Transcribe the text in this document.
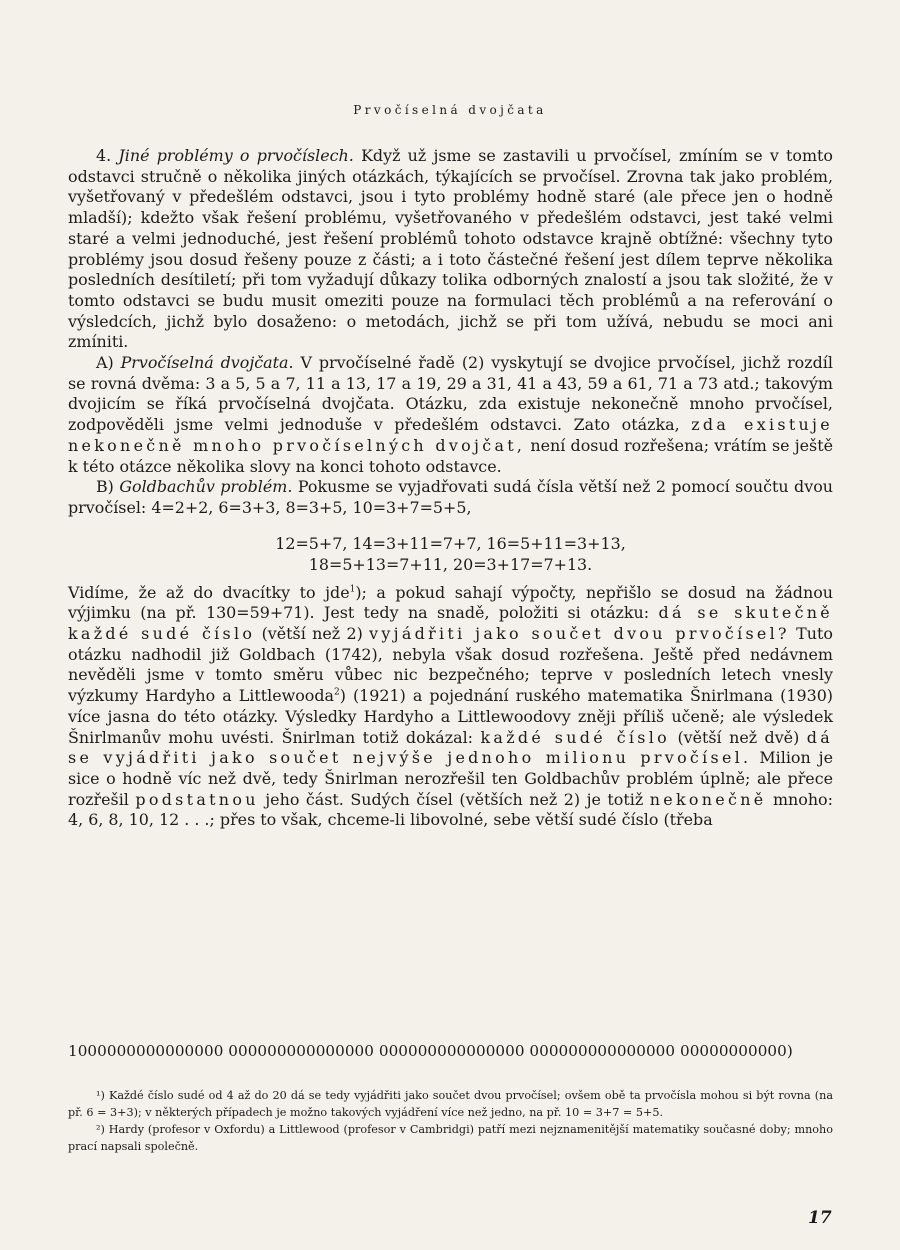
Prvočíselná dvojčata

4. Jiné problémy o prvočíslech. Když už jsme se zastavili u prvočísel, zmíním se v tomto odstavci stručně o několika jiných otázkách, týkajících se prvočísel. Zrovna tak jako problém, vyšetřovaný v předešlém odstavci, jsou i tyto problémy hodně staré (ale přece jen o hodně mladší); kdežto však řešení problému, vyšetřovaného v předešlém odstavci, jest také velmi staré a velmi jednoduché, jest řešení problémů tohoto odstavce krajně obtížné: všechny tyto problémy jsou dosud řešeny pouze z části; a i toto částečné řešení jest dílem teprve několika posledních desítiletí; při tom vyžadují důkazy tolika odborných znalostí a jsou tak složité, že v tomto odstavci se budu musit omeziti pouze na formulaci těch problémů a na referování o výsledcích, jichž bylo dosaženo: o metodách, jichž se při tom užívá, nebudu se moci ani zmíniti.

A) Prvočíselná dvojčata. V prvočíselné řadě (2) vyskytují se dvojice prvočísel, jichž rozdíl se rovná dvěma: 3 a 5, 5 a 7, 11 a 13, 17 a 19, 29 a 31, 41 a 43, 59 a 61, 71 a 73 atd.; takovým dvojicím se říká prvočíselná dvojčata. Otázku, zda existuje nekonečně mnoho prvočísel, zodpověděli jsme velmi jednoduše v předešlém odstavci. Zato otázka, zda existuje nekonečně mnoho prvočíselných dvojčat, není dosud rozřešena; vrátím se ještě k této otázce několika slovy na konci tohoto odstavce.

B) Goldbachův problém. Pokusme se vyjadřovati sudá čísla větší než 2 pomocí součtu dvou prvočísel: 4=2+2, 6=3+3, 8=3+5, 10=3+7=5+5,

12=5+7, 14=3+11=7+7, 16=5+11=3+13,
18=5+13=7+11, 20=3+17=7+13.

Vidíme, že až do dvacítky to jde$^1$); a pokud sahají výpočty, nepřišlo se dosud na žádnou výjimku (na př. 130=59+71). Jest tedy na snadě, položiti si otázku: dá se skutečně každé sudé číslo (větší než 2) vyjádřiti jako součet dvou prvočísel? Tuto otázku nadhodil již Goldbach (1742), nebyla však dosud rozřešena. Ještě před nedávnem nevěděli jsme v tomto směru vůbec nic bezpečného; teprve v posledních letech vnesly výzkumy Hardyho a Littlewooda$^2$) (1921) a pojednání ruského matematika Šnirlmana (1930) více jasna do této otázky. Výsledky Hardyho a Littlewoodovy zněji příliš učeně; ale výsledek Šnirlmanův mohu uvésti. Šnirlman totiž dokázal: každé sudé číslo (větší než dvě) dá se vyjádřiti jako součet nejvýše jednoho milionu prvočísel. Milion je sice o hodně víc než dvě, tedy Šnirlman nerozřešil ten Goldbachův problém úplně; ale přece rozřešil podstatnou jeho část. Sudých čísel (větších než 2) je totiž nekonečně mnoho: 4, 6, 8, 10, 12 . . .; přes to však, chceme-li libovolné, sebe větší sudé číslo (třeba

1000000000000000 000000000000000 000000000000000 000000000000000 00000000000)

¹) Každé číslo sudé od 4 až do 20 dá se tedy vyjádřiti jako součet dvou prvočísel; ovšem obě ta prvočísla mohou si být rovna (na př. 6 = 3+3); v některých případech je možno takových vyjádření více než jedno, na př. 10 = 3+7 = 5+5.

²) Hardy (profesor v Oxfordu) a Littlewood (profesor v Cambridgi) patří mezi nejznamenitější matematiky současné doby; mnoho prací napsali společně.

17
